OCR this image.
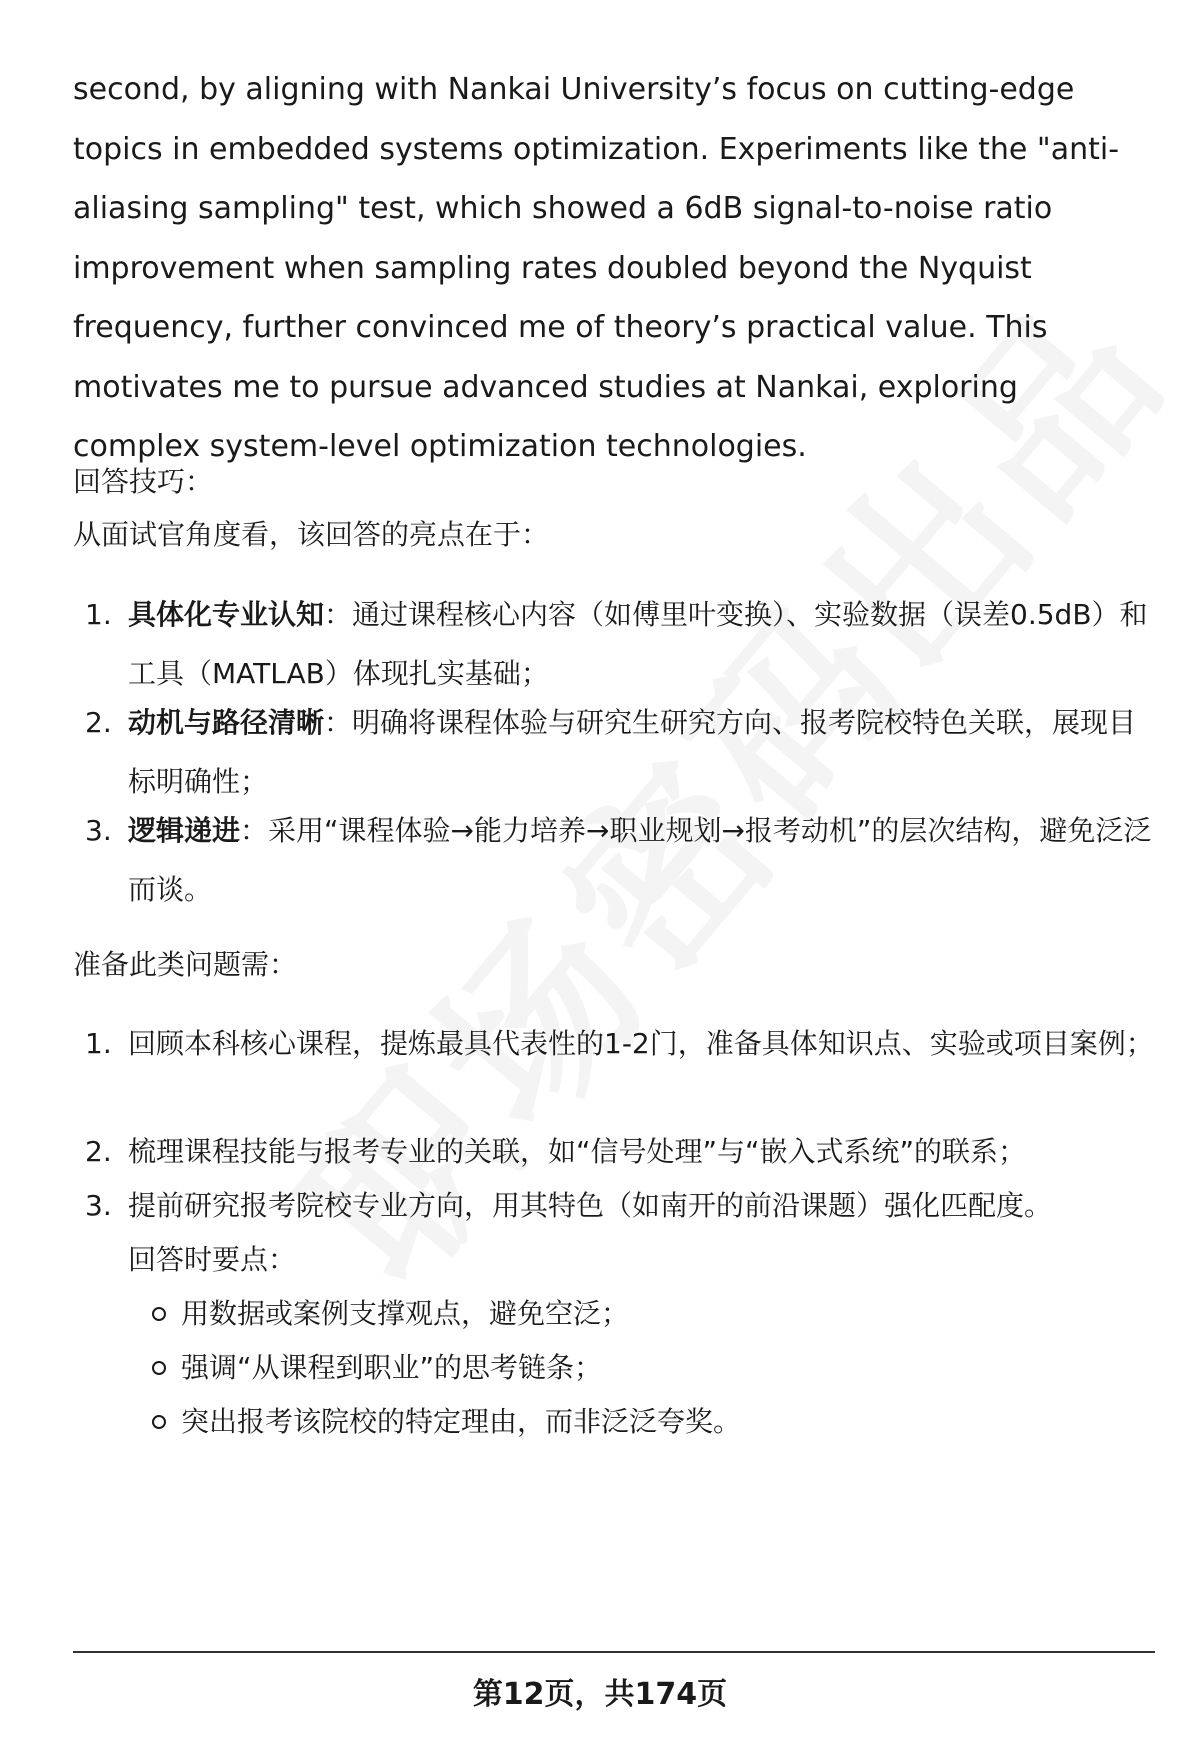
second, by aligning with Nankai University’s focus on cutting-edge topics in embedded systems optimization. Experiments like the "anti-aliasing sampling" test, which showed a 6dB signal-to-noise ratio improvement when sampling rates doubled beyond the Nyquist frequency, further convinced me of theory’s practical value. This motivates me to pursue advanced studies at Nankai, exploring complex system-level optimization technologies.

回答技巧：

从面试官角度看，该回答的亮点在于：

1. 具体化专业认知：通过课程核心内容（如傅里叶变换）、实验数据（误差0.5dB）和工具（MATLAB）体现扎实基础；
2. 动机与路径清晰：明确将课程体验与研究生研究方向、报考院校特色关联，展现目标明确性；
3. 逻辑递进：采用“课程体验→能力培养→职业规划→报考动机”的层次结构，避免泛泛而谈。

准备此类问题需：

1. 回顾本科核心课程，提炼最具代表性的1-2门，准备具体知识点、实验或项目案例；
2. 梳理课程技能与报考专业的关联，如“信号处理”与“嵌入式系统”的联系；
3. 提前研究报考院校专业方向，用其特色（如南开的前沿课题）强化匹配度。
回答时要点：
用数据或案例支撑观点，避免空泛；
强调“从课程到职业”的思考链条；
突出报考该院校的特定理由，而非泛泛夸奖。
第12页，共174页
